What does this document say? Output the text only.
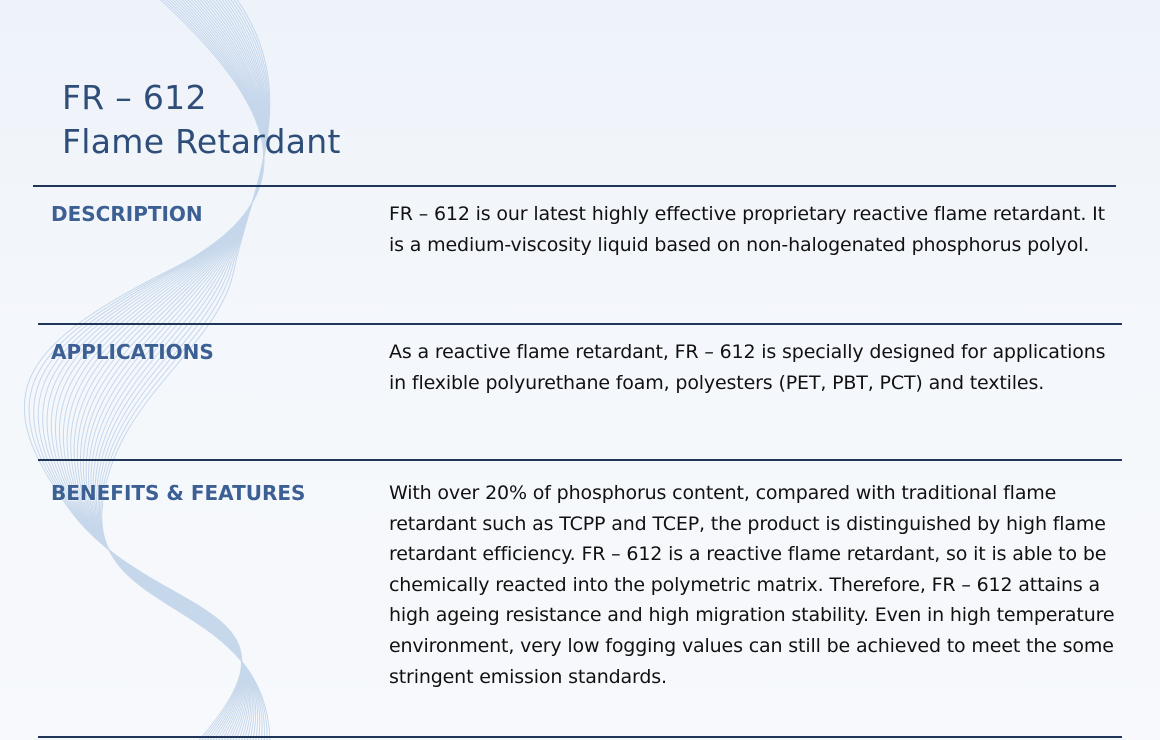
FR – 612
Flame Retardant
DESCRIPTION	FR – 612 is our latest highly effective proprietary reactive flame retardant. It is a medium-viscosity liquid based on non-halogenated phosphorus polyol.
APPLICATIONS	As a reactive flame retardant, FR – 612 is specially designed for applications in flexible polyurethane foam, polyesters (PET, PBT, PCT) and textiles.
BENEFITS & FEATURES	With over 20% of phosphorus content, compared with traditional flame retardant such as TCPP and TCEP, the product is distinguished by high flame retardant efficiency. FR – 612 is a reactive flame retardant, so it is able to be chemically reacted into the polymetric matrix. Therefore, FR – 612 attains a high ageing resistance and high migration stability. Even in high temperature environment, very low fogging values can still be achieved to meet the some stringent emission standards.
